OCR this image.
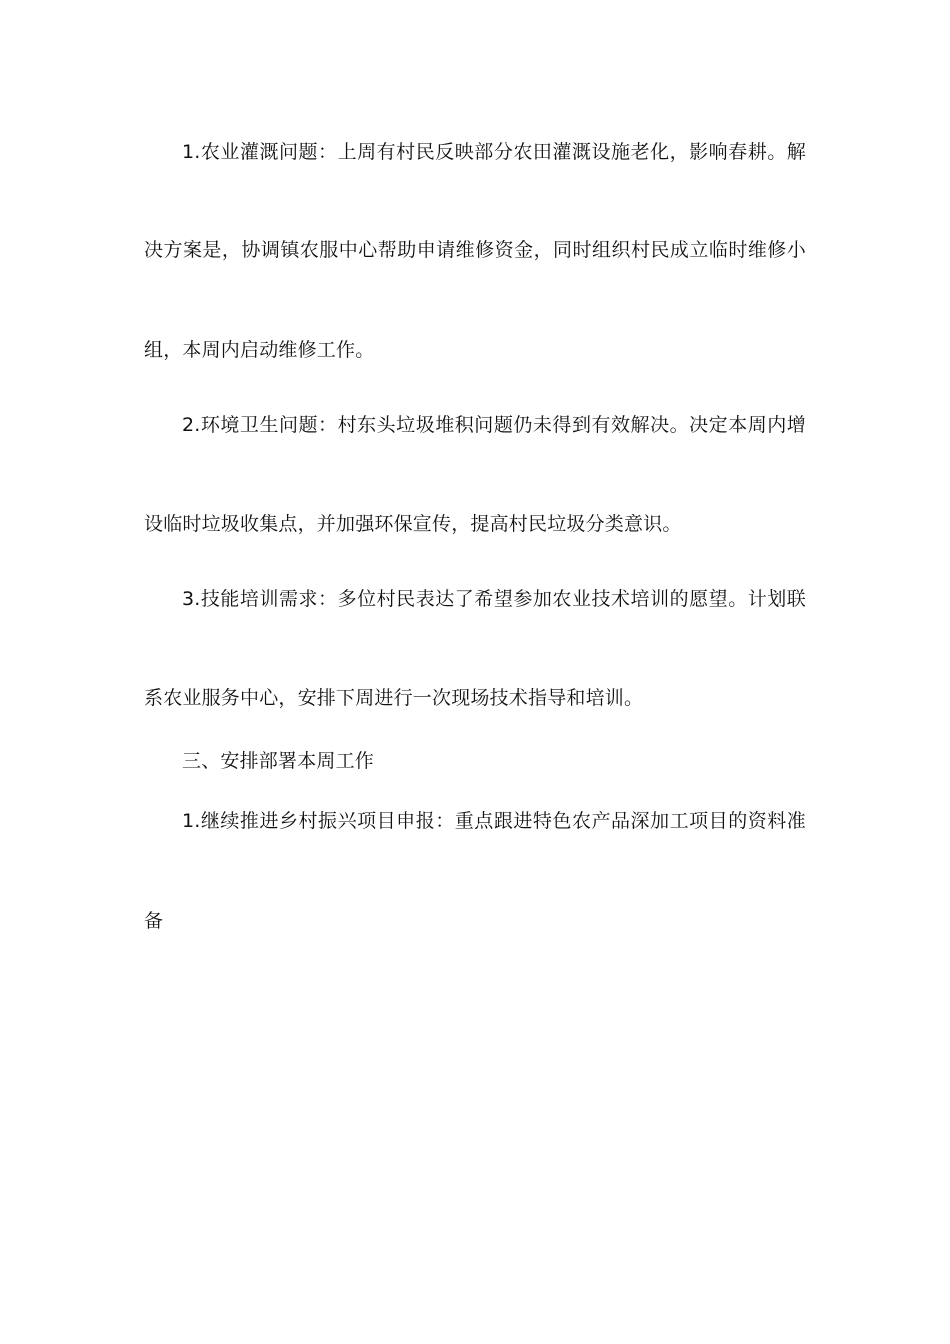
1.农业灌溉问题：上周有村民反映部分农田灌溉设施老化，影响春耕。解
决方案是，协调镇农服中心帮助申请维修资金，同时组织村民成立临时维修小
组，本周内启动维修工作。
2.环境卫生问题：村东头垃圾堆积问题仍未得到有效解决。决定本周内增
设临时垃圾收集点，并加强环保宣传，提高村民垃圾分类意识。
3.技能培训需求：多位村民表达了希望参加农业技术培训的愿望。计划联
系农业服务中心，安排下周进行一次现场技术指导和培训。
三、安排部署本周工作
1.继续推进乡村振兴项目申报：重点跟进特色农产品深加工项目的资料准
备
